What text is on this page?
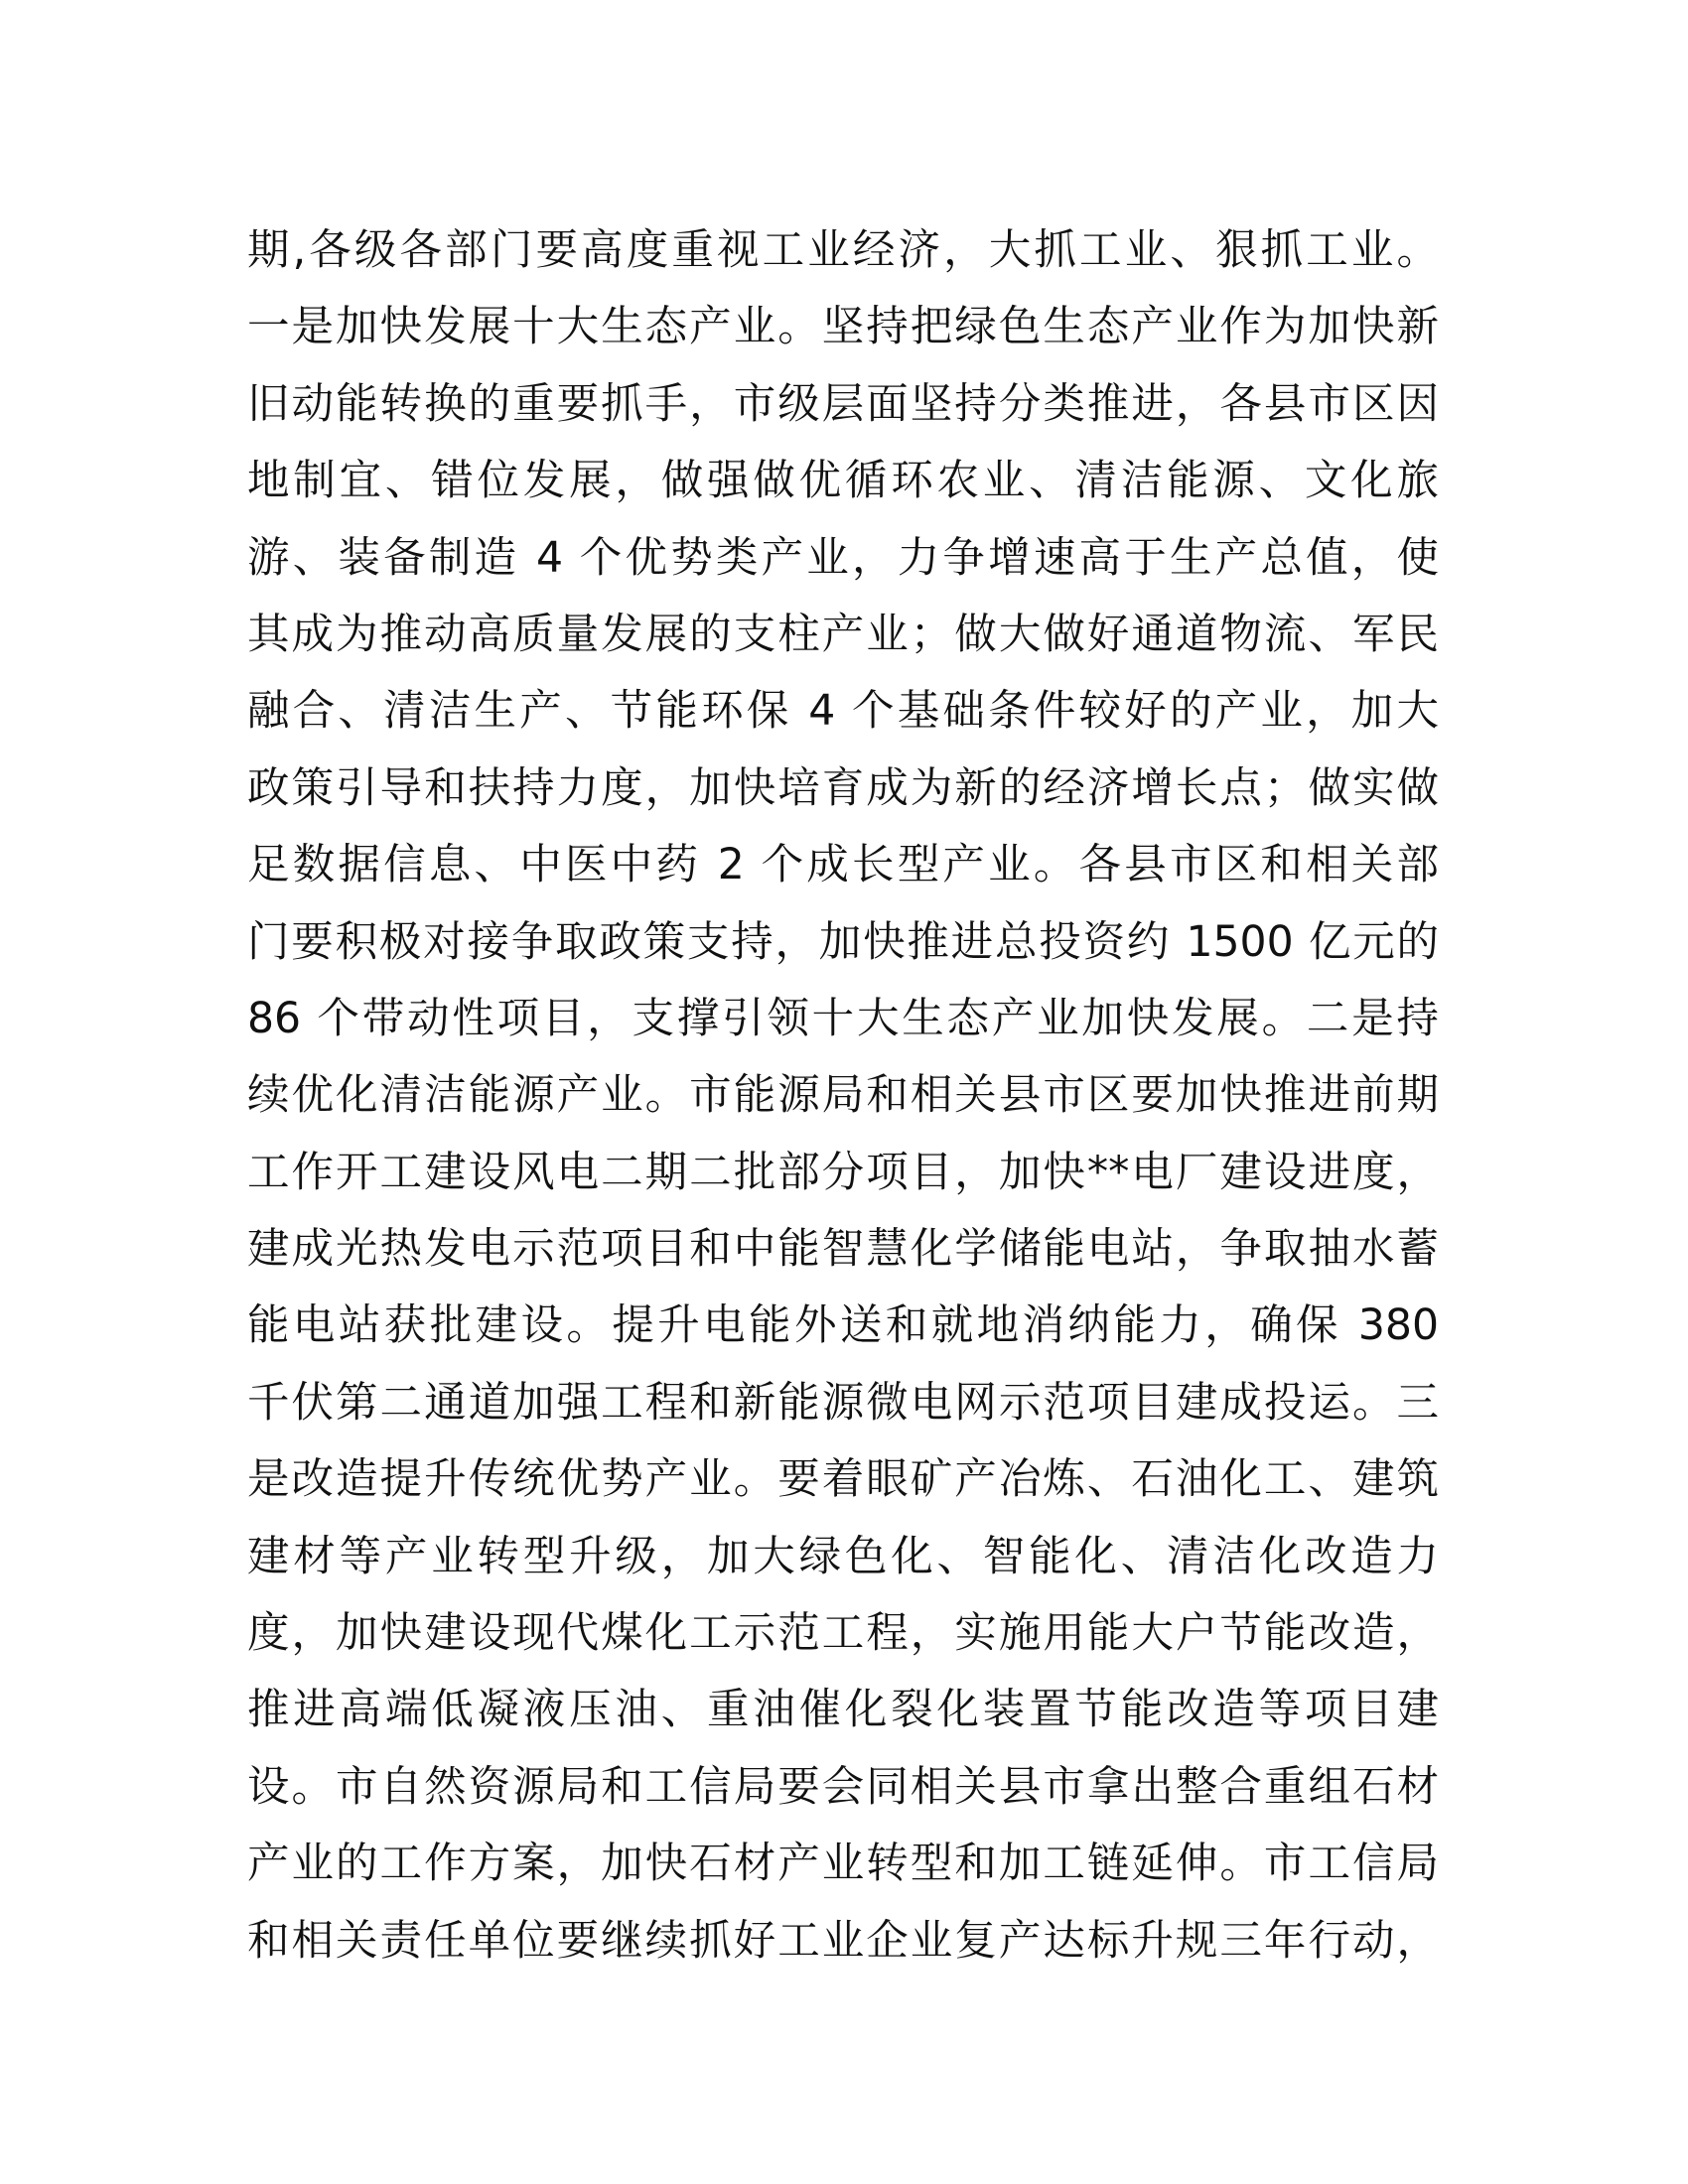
期,各级各部门要高度重视工业经济，大抓工业、狠抓工业。
一是加快发展十大生态产业。坚持把绿色生态产业作为加快新
旧动能转换的重要抓手，市级层面坚持分类推进，各县市区因
地制宜、错位发展，做强做优循环农业、清洁能源、文化旅
游、装备制造 4 个优势类产业，力争增速高于生产总值，使
其成为推动高质量发展的支柱产业；做大做好通道物流、军民
融合、清洁生产、节能环保 4 个基础条件较好的产业，加大
政策引导和扶持力度，加快培育成为新的经济增长点；做实做
足数据信息、中医中药 2 个成长型产业。各县市区和相关部
门要积极对接争取政策支持，加快推进总投资约 1500 亿元的
86 个带动性项目，支撑引领十大生态产业加快发展。二是持
续优化清洁能源产业。市能源局和相关县市区要加快推进前期
工作开工建设风电二期二批部分项目，加快**电厂建设进度，
建成光热发电示范项目和中能智慧化学储能电站，争取抽水蓄
能电站获批建设。提升电能外送和就地消纳能力，确保 380
千伏第二通道加强工程和新能源微电网示范项目建成投运。三
是改造提升传统优势产业。要着眼矿产冶炼、石油化工、建筑
建材等产业转型升级，加大绿色化、智能化、清洁化改造力
度，加快建设现代煤化工示范工程，实施用能大户节能改造，
推进高端低凝液压油、重油催化裂化装置节能改造等项目建
设。市自然资源局和工信局要会同相关县市拿出整合重组石材
产业的工作方案，加快石材产业转型和加工链延伸。市工信局
和相关责任单位要继续抓好工业企业复产达标升规三年行动，
